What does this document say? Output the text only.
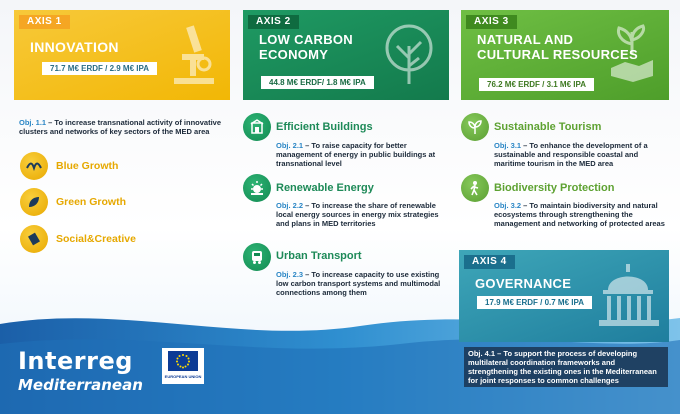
AXIS 1
INNOVATION
71.7 M€ ERDF / 2.9 M€ IPA
AXIS 2
LOW CARBON ECONOMY
44.8 M€ ERDF/ 1.8 M€ IPA
AXIS 3
NATURAL AND CULTURAL RESOURCES
76.2 M€ ERDF / 3.1 M€ IPA
Obj. 1.1 – To increase transnational activity of innovative clusters and networks of key sectors of the MED area
Blue Growth
Green Growth
Social&Creative
Efficient Buildings
Obj. 2.1 – To raise capacity for better management of energy in public buildings at transnational level
Renewable Energy
Obj. 2.2 – To increase the share of renewable local energy sources in energy mix strategies and plans in MED territories
Urban Transport
Obj. 2.3 – To increase capacity to use existing low carbon transport systems and multimodal connections among them
Sustainable Tourism
Obj. 3.1 – To enhance the development of a sustainable and responsible coastal and maritime tourism in the MED area
Biodiversity Protection
Obj. 3.2 – To maintain biodiversity and natural ecosystems through strengthening the management and networking of protected areas
AXIS 4
GOVERNANCE
17.9 M€ ERDF / 0.7 M€ IPA
Obj. 4.1 – To support the process of developing multilateral coordination frameworks and strengthening the existing ones in the Mediterranean for joint responses to common challenges
Interreg
Mediterranean	EUROPEAN UNION
